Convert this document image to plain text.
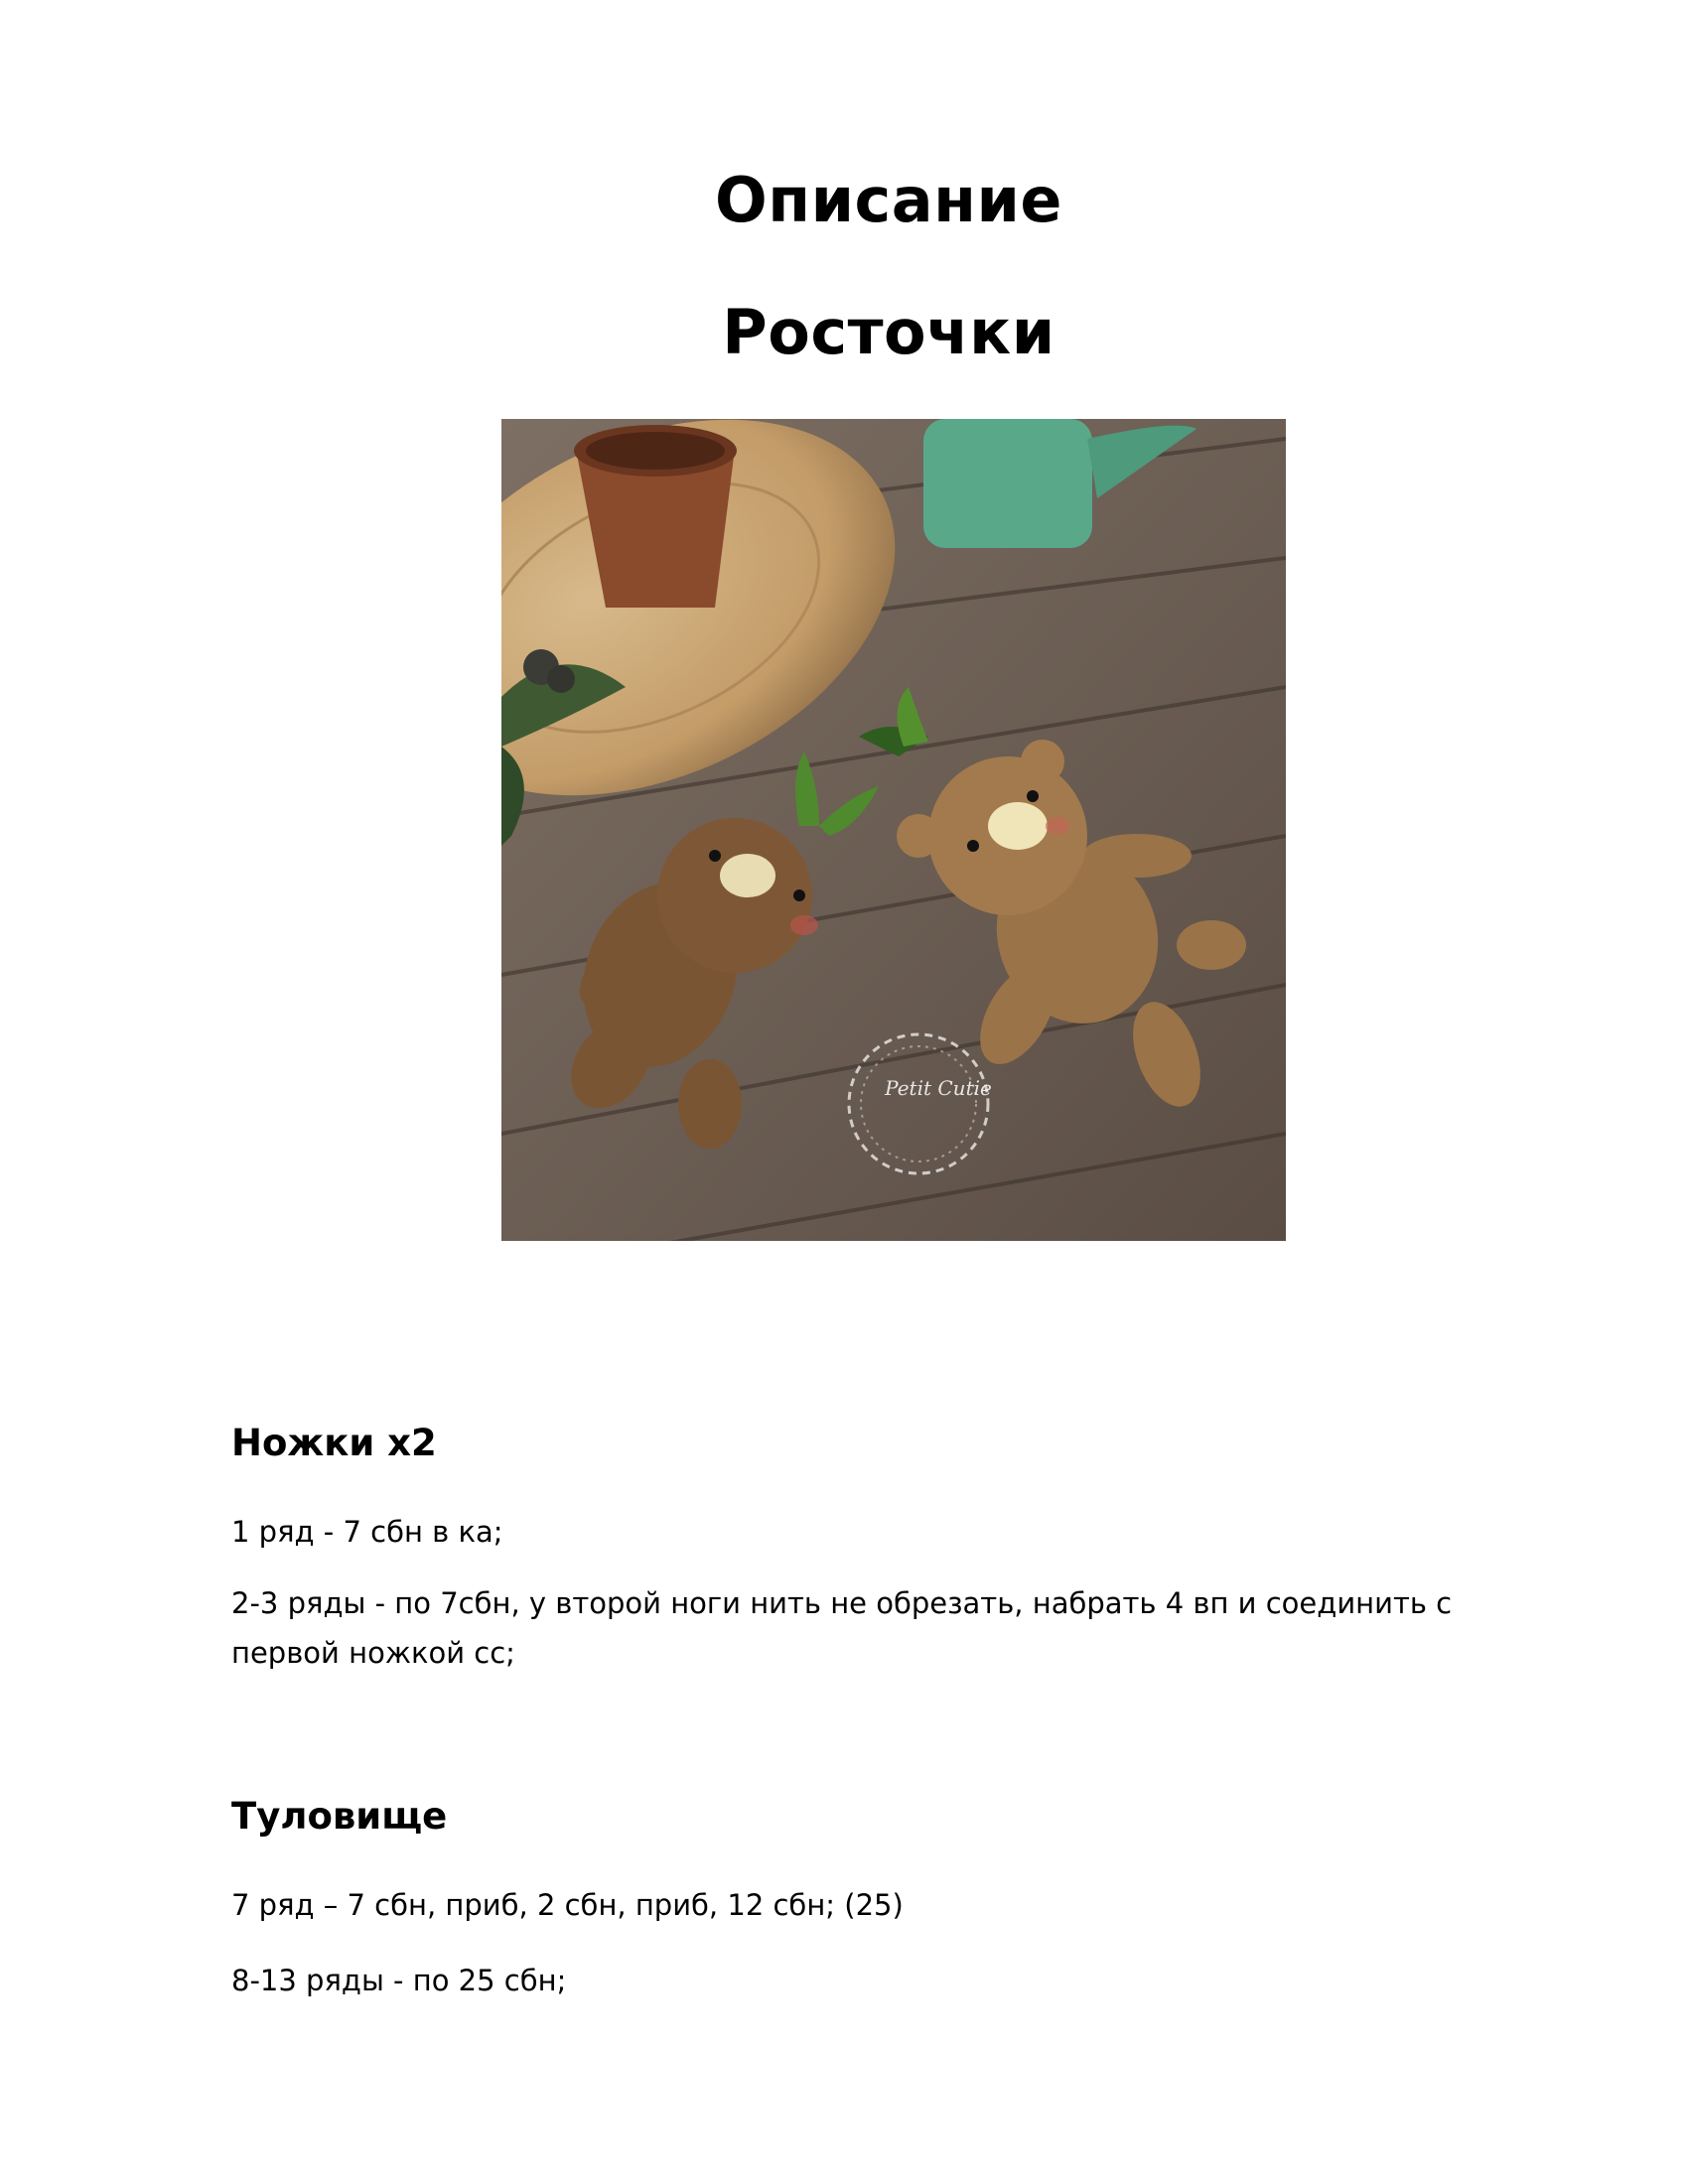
Описание
Росточки
Petit Cutie
Ножки х2

1 ряд - 7 сбн в ка;

2-3 ряды - по 7сбн, у второй ноги нить не обрезать, набрать 4 вп и соединить с первой ножкой сс;

Туловище

7 ряд – 7 сбн, приб, 2 сбн, приб, 12 сбн; (25)

8-13 ряды - по 25 сбн;
